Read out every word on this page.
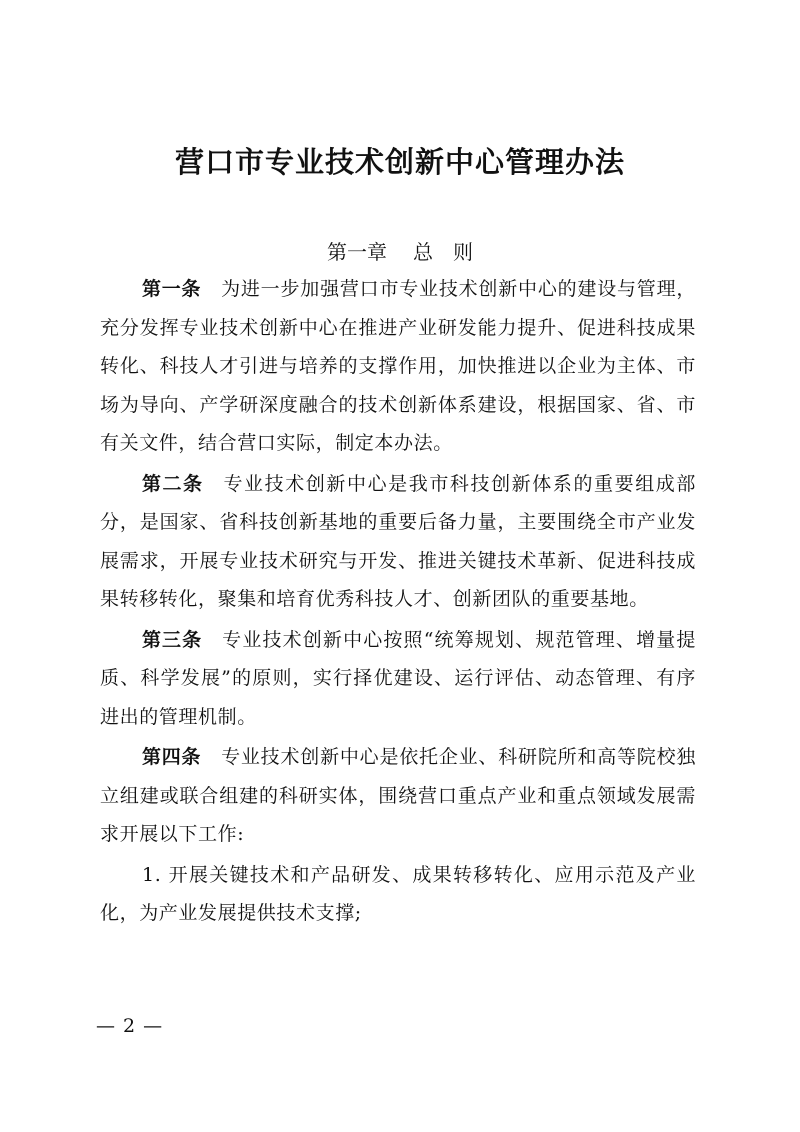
营口市专业技术创新中心管理办法
第一章 总　则

第一条 为进一步加强营口市专业技术创新中心的建设与管理，充分发挥专业技术创新中心在推进产业研发能力提升、促进科技成果转化、科技人才引进与培养的支撑作用，加快推进以企业为主体、市场为导向、产学研深度融合的技术创新体系建设，根据国家、省、市有关文件，结合营口实际，制定本办法。

第二条 专业技术创新中心是我市科技创新体系的重要组成部分，是国家、省科技创新基地的重要后备力量，主要围绕全市产业发展需求，开展专业技术研究与开发、推进关键技术革新、促进科技成果转移转化，聚集和培育优秀科技人才、创新团队的重要基地。

第三条 专业技术创新中心按照“统筹规划、规范管理、增量提质、科学发展”的原则，实行择优建设、运行评估、动态管理、有序进出的管理机制。

第四条 专业技术创新中心是依托企业、科研院所和高等院校独立组建或联合组建的科研实体，围绕营口重点产业和重点领域发展需求开展以下工作:

1. 开展关键技术和产品研发、成果转移转化、应用示范及产业化，为产业发展提供技术支撑;

— 2 —
